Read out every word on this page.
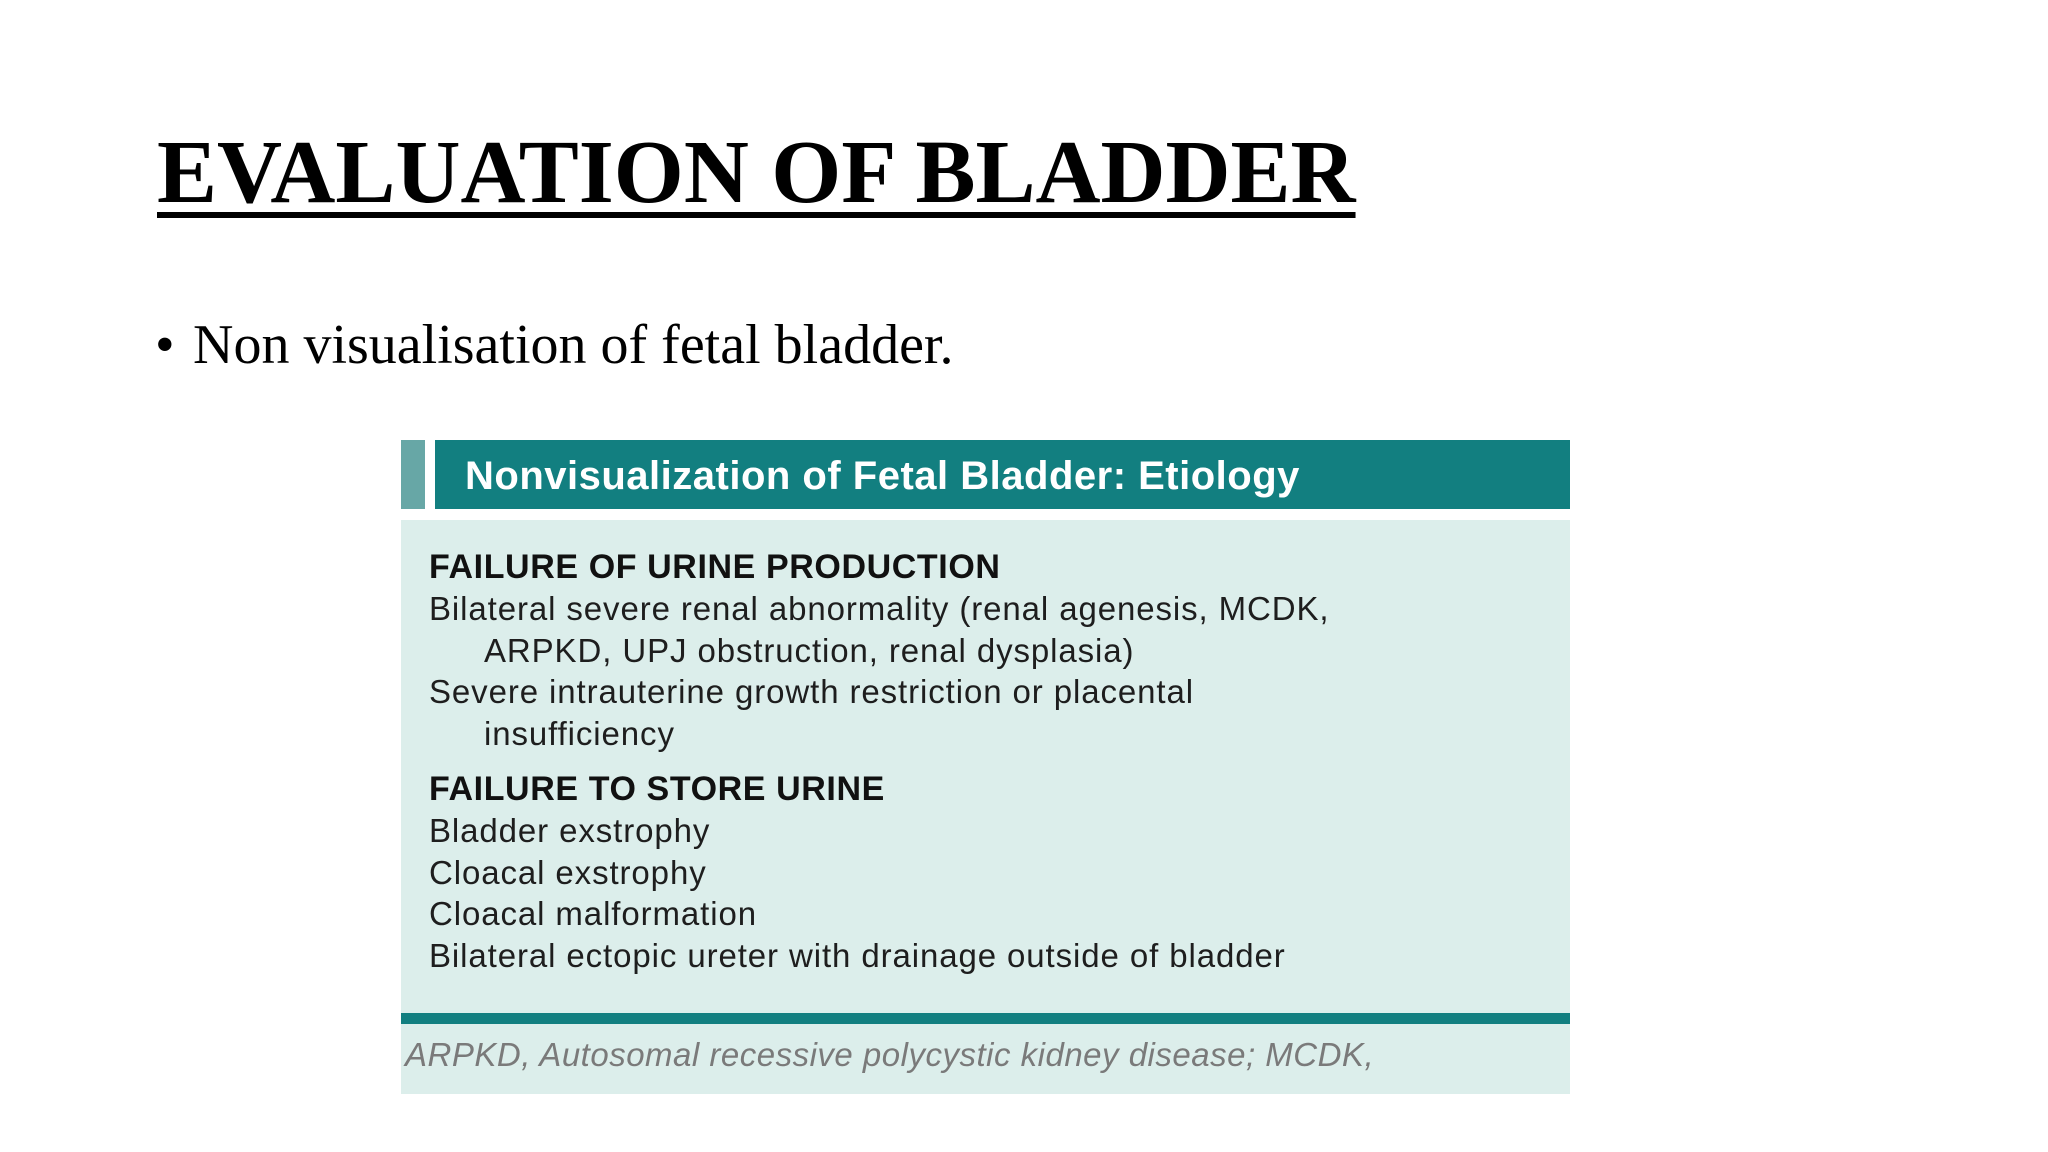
EVALUATION OF BLADDER
• Non visualisation of fetal bladder.
Nonvisualization of Fetal Bladder: Etiology
FAILURE OF URINE PRODUCTION
Bilateral severe renal abnormality (renal agenesis, MCDK,
ARPKD, UPJ obstruction, renal dysplasia)
Severe intrauterine growth restriction or placental
insufficiency
FAILURE TO STORE URINE
Bladder exstrophy
Cloacal exstrophy
Cloacal malformation
Bilateral ectopic ureter with drainage outside of bladder
ARPKD, Autosomal recessive polycystic kidney disease; MCDK,
